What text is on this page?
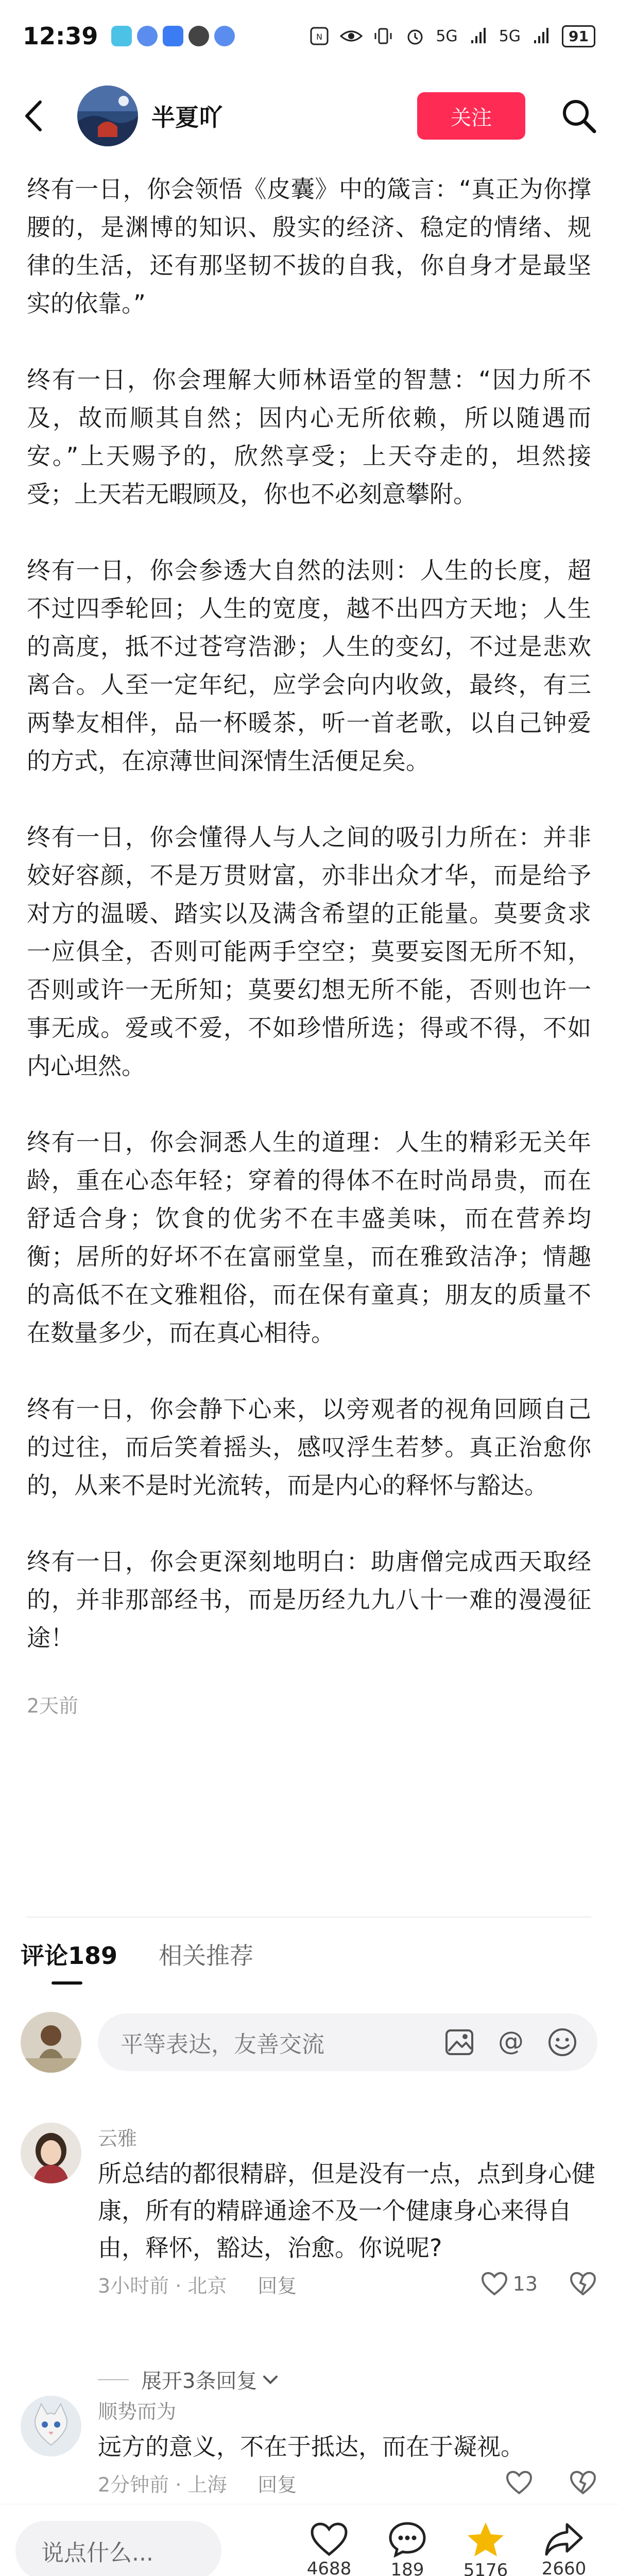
12:39	N	5G	5G	91
半夏吖	关注

终有一日，你会领悟《皮囊》中的箴言：“真正为你撑腰的，是渊博的知识、殷实的经济、稳定的情绪、规律的生活，还有那坚韧不拔的自我，你自身才是最坚实的依靠。”

终有一日，你会理解大师林语堂的智慧：“因力所不及，故而顺其自然；因内心无所依赖，所以随遇而安。”上天赐予的，欣然享受；上天夺走的，坦然接受；上天若无暇顾及，你也不必刻意攀附。

终有一日，你会参透大自然的法则：人生的长度，超不过四季轮回；人生的宽度，越不出四方天地；人生的高度，抵不过苍穹浩渺；人生的变幻，不过是悲欢离合。人至一定年纪，应学会向内收敛，最终，有三两挚友相伴，品一杯暖茶，听一首老歌，以自己钟爱的方式，在凉薄世间深情生活便足矣。

终有一日，你会懂得人与人之间的吸引力所在：并非姣好容颜，不是万贯财富，亦非出众才华，而是给予对方的温暖、踏实以及满含希望的正能量。莫要贪求一应俱全，否则可能两手空空；莫要妄图无所不知，否则或许一无所知；莫要幻想无所不能，否则也许一事无成。爱或不爱，不如珍惜所选；得或不得，不如内心坦然。

终有一日，你会洞悉人生的道理：人生的精彩无关年龄，重在心态年轻；穿着的得体不在时尚昂贵，而在舒适合身；饮食的优劣不在丰盛美味，而在营养均衡；居所的好坏不在富丽堂皇，而在雅致洁净；情趣的高低不在文雅粗俗，而在保有童真；朋友的质量不在数量多少，而在真心相待。

终有一日，你会静下心来，以旁观者的视角回顾自己的过往，而后笑着摇头，感叹浮生若梦。真正治愈你的，从来不是时光流转，而是内心的释怀与豁达。

终有一日，你会更深刻地明白：助唐僧完成西天取经的，并非那部经书，而是历经九九八十一难的漫漫征途！

2天前
评论189 相关推荐
平等表达，友善交流	@
云雅
所总结的都很精辟，但是没有一点，点到身心健康，所有的精辟通途不及一个健康身心来得自由，释怀，豁达，治愈。你说呢?
3小时前 · 北京 回复	13
展开3条回复
顺势而为
远方的意义，不在于抵达，而在于凝视。
2分钟前 · 上海 回复
说点什么...
4688 189 5176 2660
